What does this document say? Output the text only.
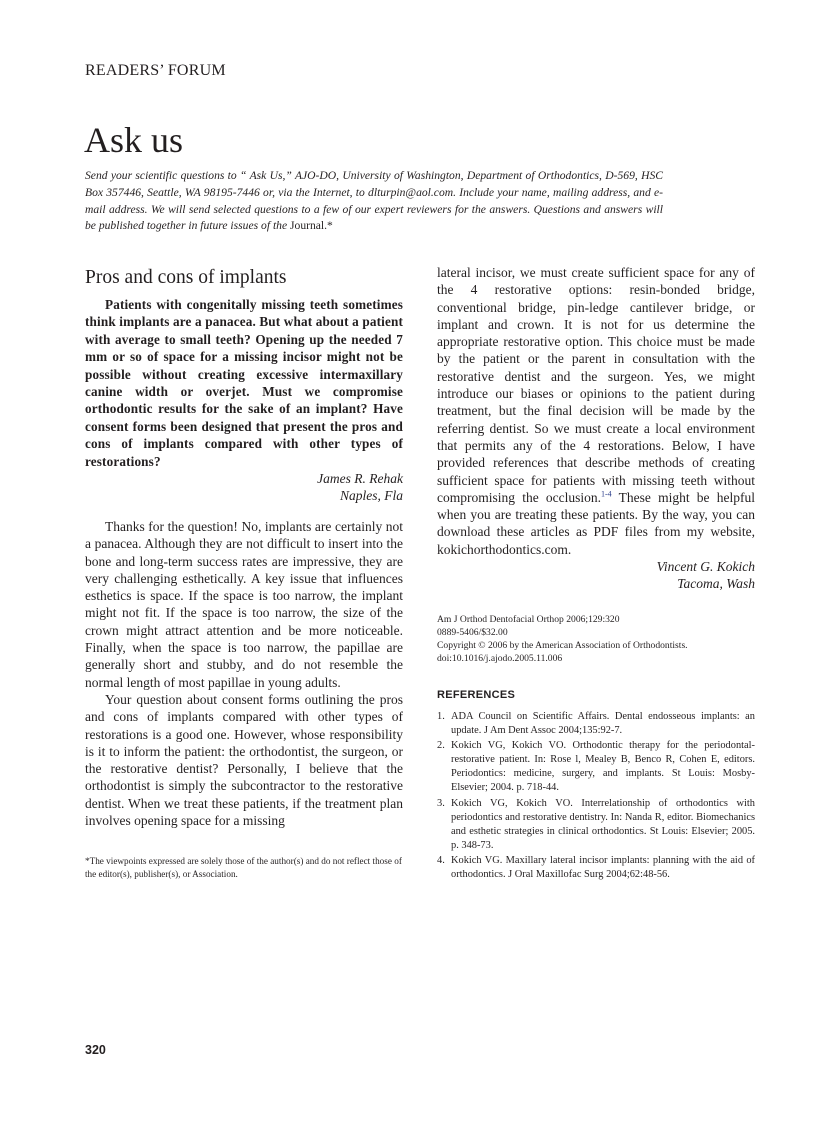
READERS’ FORUM
Ask us
Send your scientific questions to “ Ask Us,” AJO-DO, University of Washington, Department of Orthodontics, D-569, HSC Box 357446, Seattle, WA 98195-7446 or, via the Internet, to dlturpin@aol.com. Include your name, mailing address, and e-mail address. We will send selected questions to a few of our expert reviewers for the answers. Questions and answers will be published together in future issues of the Journal.*
Pros and cons of implants

Patients with congenitally missing teeth sometimes think implants are a panacea. But what about a patient with average to small teeth? Opening up the needed 7 mm or so of space for a missing incisor might not be possible without creating excessive intermaxillary canine width or overjet. Must we compromise orthodontic results for the sake of an implant? Have consent forms been designed that present the pros and cons of implants compared with other types of restorations?

James R. Rehak
Naples, Fla

Thanks for the question! No, implants are certainly not a panacea. Although they are not difficult to insert into the bone and long-term success rates are impressive, they are very challenging esthetically. A key issue that influences esthetics is space. If the space is too narrow, the implant might not fit. If the space is too narrow, the size of the crown might attract attention and be more noticeable. Finally, when the space is too narrow, the papillae are generally short and stubby, and do not resemble the normal length of most papillae in young adults.

Your question about consent forms outlining the pros and cons of implants compared with other types of restorations is a good one. However, whose responsibility is it to inform the patient: the orthodontist, the surgeon, or the restorative dentist? Personally, I believe that the orthodontist is simply the subcontractor to the restorative dentist. When we treat these patients, if the treatment plan involves opening space for a missing

*The viewpoints expressed are solely those of the author(s) and do not reflect those of the editor(s), publisher(s), or Association.

lateral incisor, we must create sufficient space for any of the 4 restorative options: resin-bonded bridge, conventional bridge, pin-ledge cantilever bridge, or implant and crown. It is not for us determine the appropriate restorative option. This choice must be made by the patient or the parent in consultation with the restorative dentist and the surgeon. Yes, we might introduce our biases or opinions to the patient during treatment, but the final decision will be made by the referring dentist. So we must create a local environment that permits any of the 4 restorations. Below, I have provided references that describe methods of creating sufficient space for patients with missing teeth without compromising the occlusion.$^{1-4}$ These might be helpful when you are treating these patients. By the way, you can download these articles as PDF files from my website, kokichorthodontics.com.

Vincent G. Kokich
Tacoma, Wash
Am J Orthod Dentofacial Orthop 2006;129:320
0889-5406/$32.00
Copyright © 2006 by the American Association of Orthodontists.
doi:10.1016/j.ajodo.2005.11.006
REFERENCES
1. ADA Council on Scientific Affairs. Dental endosseous implants: an update. J Am Dent Assoc 2004;135:92-7.
2. Kokich VG, Kokich VO. Orthodontic therapy for the periodontal-restorative patient. In: Rose l, Mealey B, Benco R, Cohen E, editors. Periodontics: medicine, surgery, and implants. St Louis: Mosby-Elsevier; 2004. p. 718-44.
3. Kokich VG, Kokich VO. Interrelationship of orthodontics with periodontics and restorative dentistry. In: Nanda R, editor. Biomechanics and esthetic strategies in clinical orthodontics. St Louis: Elsevier; 2005. p. 348-73.
4. Kokich VG. Maxillary lateral incisor implants: planning with the aid of orthodontics. J Oral Maxillofac Surg 2004;62:48-56.
320
